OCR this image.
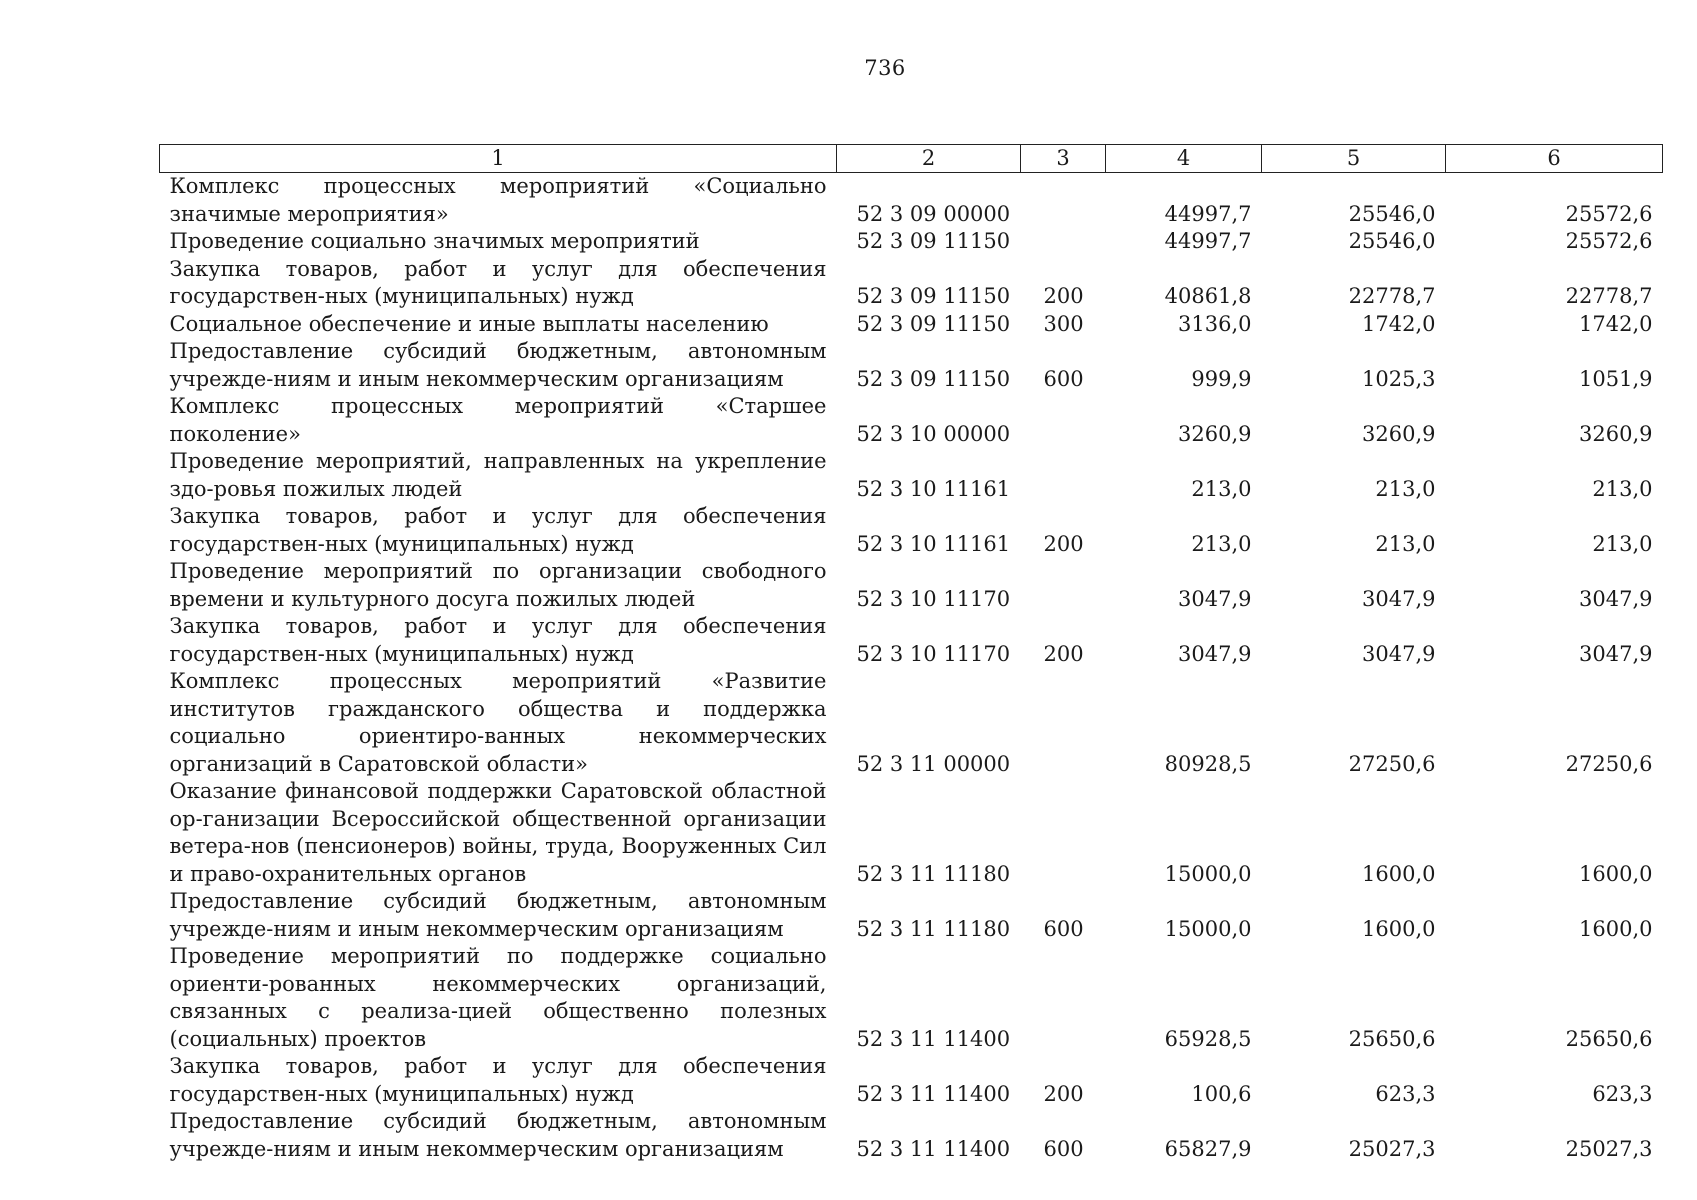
736
1	2	3	4	5	6
Комплекс процессных мероприятий «Социально значимые мероприятия»	52 3 09 00000		44997,7	25546,0	25572,6
Проведение социально значимых мероприятий	52 3 09 11150		44997,7	25546,0	25572,6
Закупка товаров, работ и услуг для обеспечения государствен-ных (муниципальных) нужд	52 3 09 11150	200	40861,8	22778,7	22778,7
Социальное обеспечение и иные выплаты населению	52 3 09 11150	300	3136,0	1742,0	1742,0
Предоставление субсидий бюджетным, автономным учрежде-ниям и иным некоммерческим организациям	52 3 09 11150	600	999,9	1025,3	1051,9
Комплекс процессных мероприятий «Старшее поколение»	52 3 10 00000		3260,9	3260,9	3260,9
Проведение мероприятий, направленных на укрепление здо-ровья пожилых людей	52 3 10 11161		213,0	213,0	213,0
Закупка товаров, работ и услуг для обеспечения государствен-ных (муниципальных) нужд	52 3 10 11161	200	213,0	213,0	213,0
Проведение мероприятий по организации свободного времени и культурного досуга пожилых людей	52 3 10 11170		3047,9	3047,9	3047,9
Закупка товаров, работ и услуг для обеспечения государствен-ных (муниципальных) нужд	52 3 10 11170	200	3047,9	3047,9	3047,9
Комплекс процессных мероприятий «Развитие институтов гражданского общества и поддержка социально ориентиро-ванных некоммерческих организаций в Саратовской области»	52 3 11 00000		80928,5	27250,6	27250,6
Оказание финансовой поддержки Саратовской областной ор-ганизации Всероссийской общественной организации ветера-нов (пенсионеров) войны, труда, Вооруженных Сил и право-охранительных органов	52 3 11 11180		15000,0	1600,0	1600,0
Предоставление субсидий бюджетным, автономным учрежде-ниям и иным некоммерческим организациям	52 3 11 11180	600	15000,0	1600,0	1600,0
Проведение мероприятий по поддержке социально ориенти-рованных некоммерческих организаций, связанных с реализа-цией общественно полезных (социальных) проектов	52 3 11 11400		65928,5	25650,6	25650,6
Закупка товаров, работ и услуг для обеспечения государствен-ных (муниципальных) нужд	52 3 11 11400	200	100,6	623,3	623,3
Предоставление субсидий бюджетным, автономным учрежде-ниям и иным некоммерческим организациям	52 3 11 11400	600	65827,9	25027,3	25027,3
